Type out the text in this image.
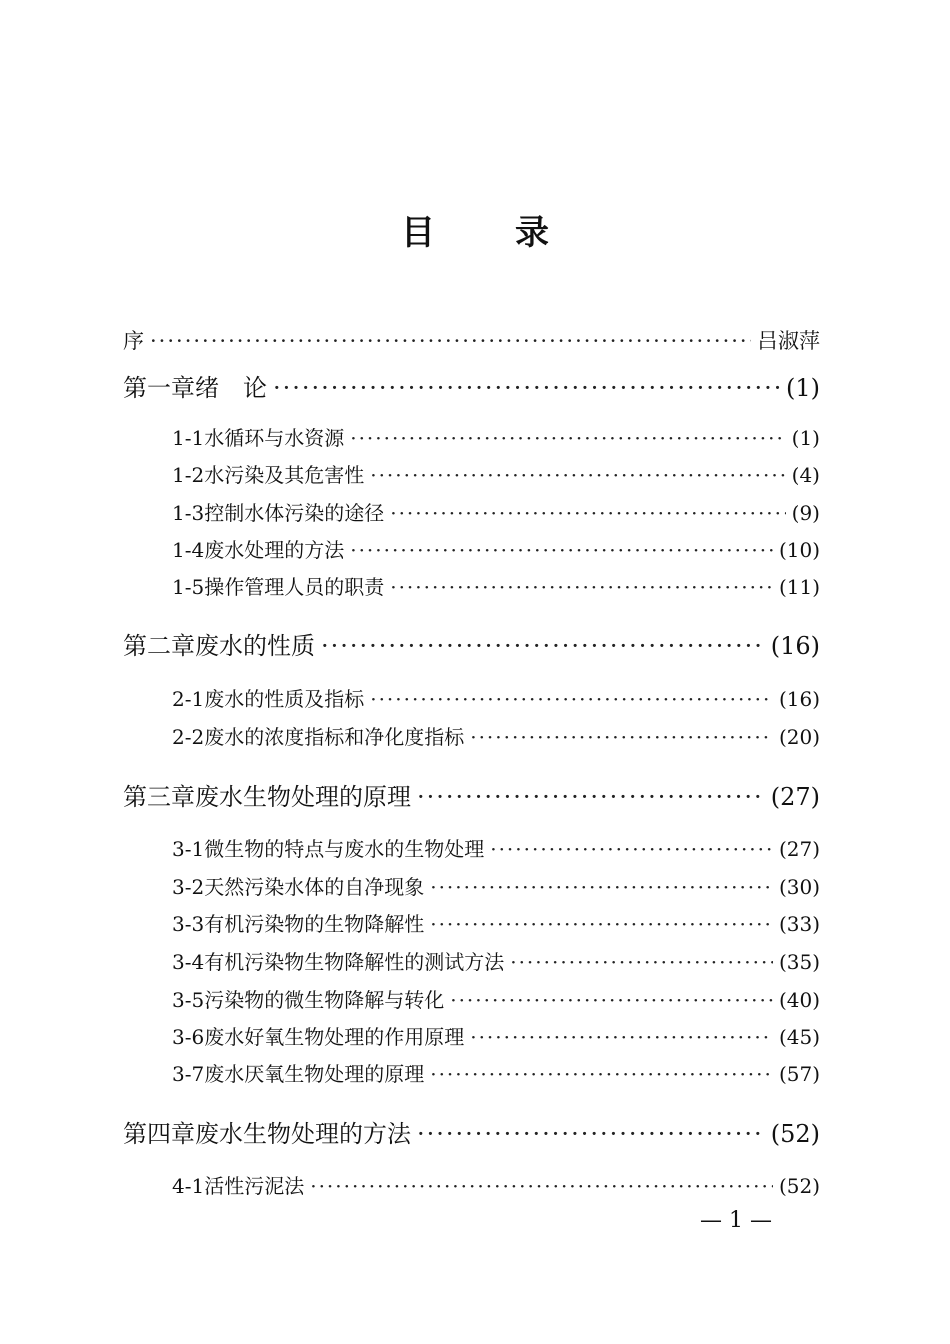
目 录
序 ·····	吕淑萍
第一章 绪　论 ·····	(1)
1-1 水循环与水资源 ·····	(1)
1-2 水污染及其危害性 ·····	(4)
1-3 控制水体污染的途径 ·····	(9)
1-4 废水处理的方法 ·····	(10)
1-5 操作管理人员的职责 ·····	(11)
第二章 废水的性质 ·····	(16)
2-1 废水的性质及指标 ·····	(16)
2-2 废水的浓度指标和净化度指标 ·····	(20)
第三章 废水生物处理的原理 ·····	(27)
3-1 微生物的特点与废水的生物处理 ·····	(27)
3-2 天然污染水体的自净现象 ·····	(30)
3-3 有机污染物的生物降解性 ·····	(33)
3-4 有机污染物生物降解性的测试方法 ·····	(35)
3-5 污染物的微生物降解与转化 ·····	(40)
3-6 废水好氧生物处理的作用原理 ·····	(45)
3-7 废水厌氧生物处理的原理 ·····	(57)
第四章 废水生物处理的方法 ·····	(52)
4-1 活性污泥法 ·····	(52)
— 1 —
